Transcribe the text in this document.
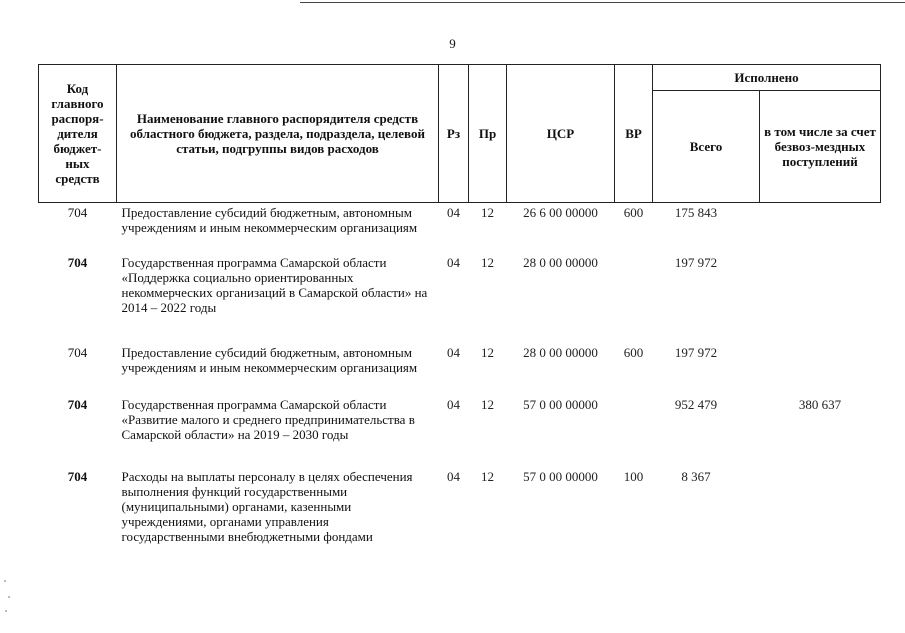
9
Код главного распоря-дителя бюджет-ных средств	Наименование главного распорядителя средств областного бюджета, раздела, подраздела, целевой статьи, подгруппы видов расходов	Рз	Пр	ЦСР	ВР	Исполнено	
						Всего	в том числе за счет безвоз-мездных поступлений
704	Предоставление субсидий бюджетным, автономным учреждениям и иным некоммерческим организациям	04	12	26 6 00 00000	600	175 843	
704	Государственная программа Самарской области «Поддержка социально ориентированных некоммерческих организаций в Самарской области» на 2014 – 2022 годы	04	12	28 0 00 00000		197 972	
704	Предоставление субсидий бюджетным, автономным учреждениям и иным некоммерческим организациям	04	12	28 0 00 00000	600	197 972	
704	Государственная программа Самарской области «Развитие малого и среднего предпринимательства в Самарской области» на 2019 – 2030 годы	04	12	57 0 00 00000		952 479	380 637
704	Расходы на выплаты персоналу в целях обеспечения выполнения функций государственными (муниципальными) органами, казенными учреждениями, органами управления государственными внебюджетными фондами	04	12	57 0 00 00000	100	8 367	
